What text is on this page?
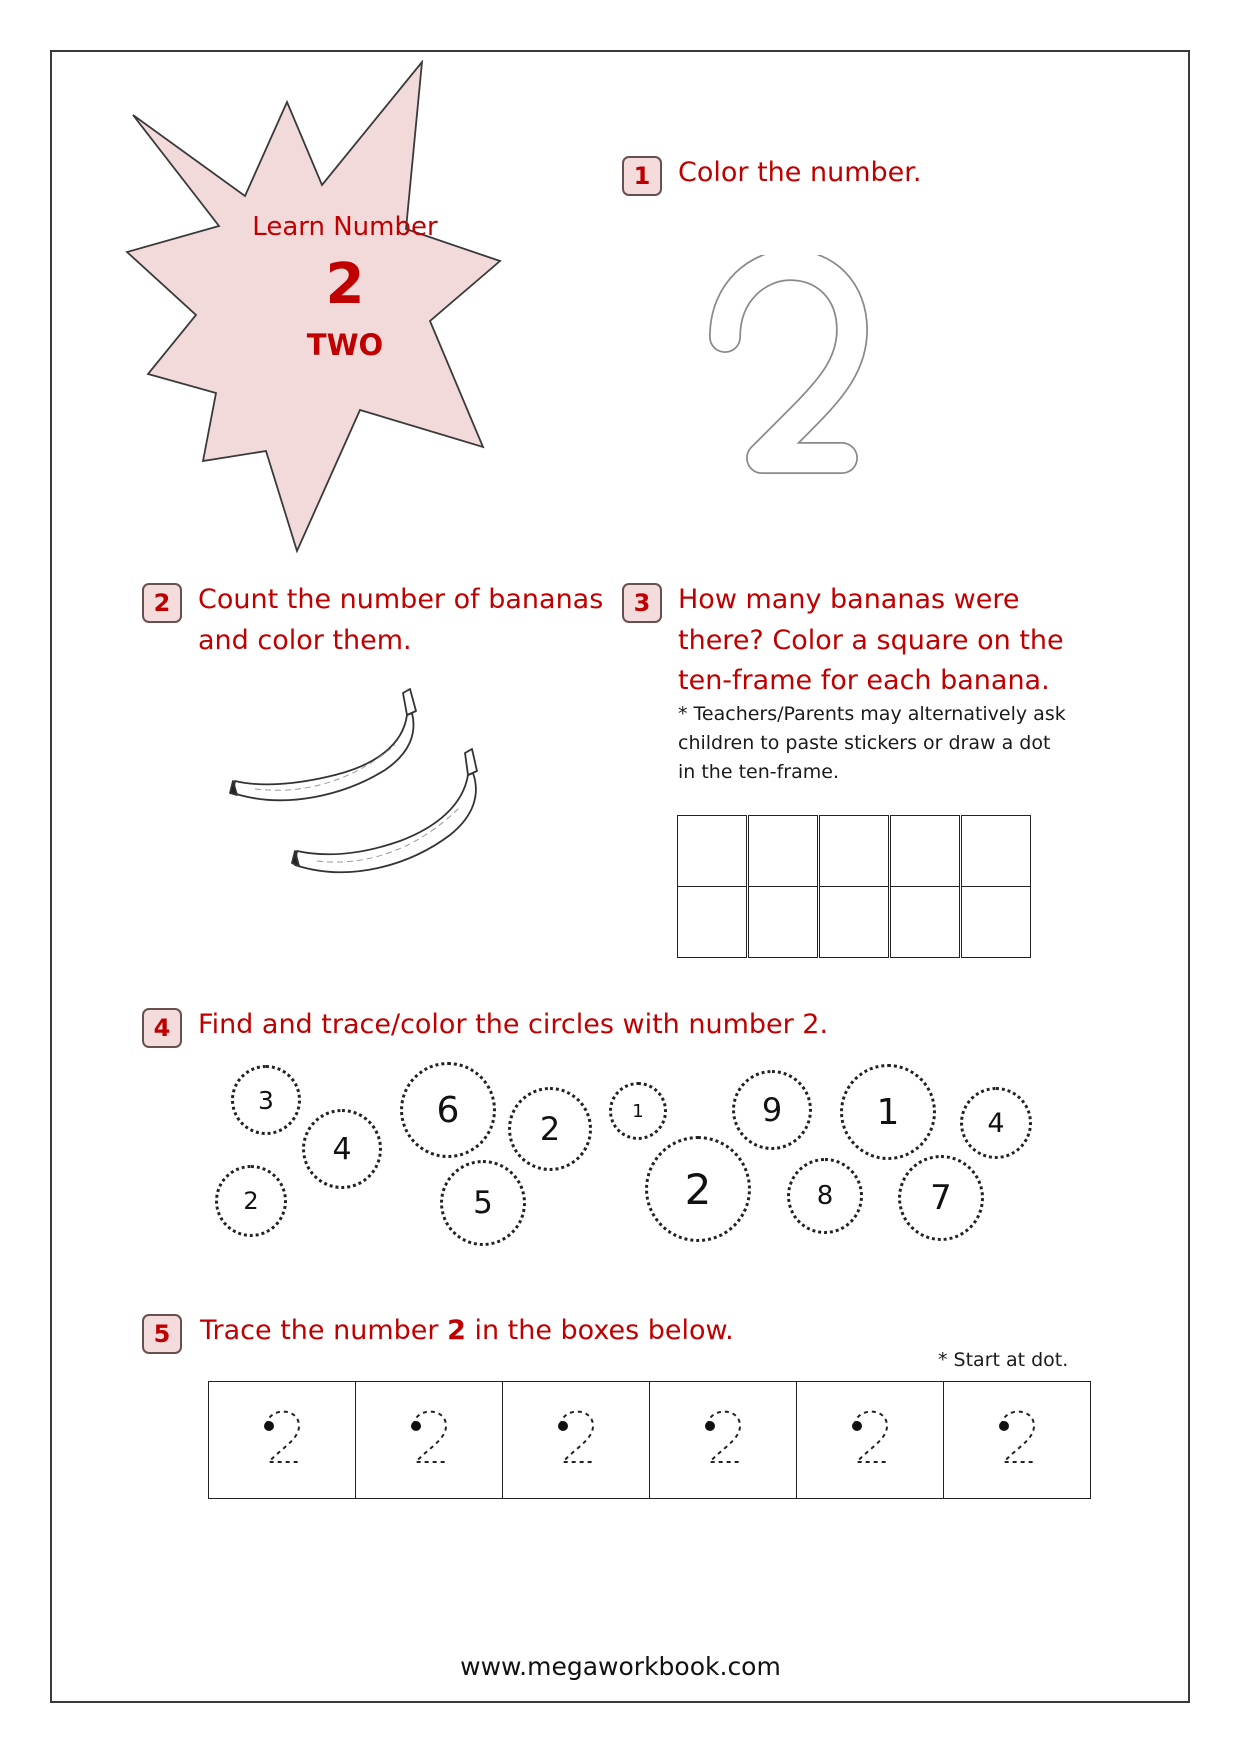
Learn Number
2
TWO
1	Color the number.
2	Count the number of bananas
and color them.
3	How many bananas were
there? Color a square on the
ten-frame for each banana.
* Teachers/Parents may alternatively ask
children to paste stickers or draw a dot
in the ten-frame.
4	Find and trace/color the circles with number 2.
3
4
6	2	1	9	1	4
2	5	2	8	7
5	Trace the number 2 in the boxes below.
* Start at dot.
www.megaworkbook.com
